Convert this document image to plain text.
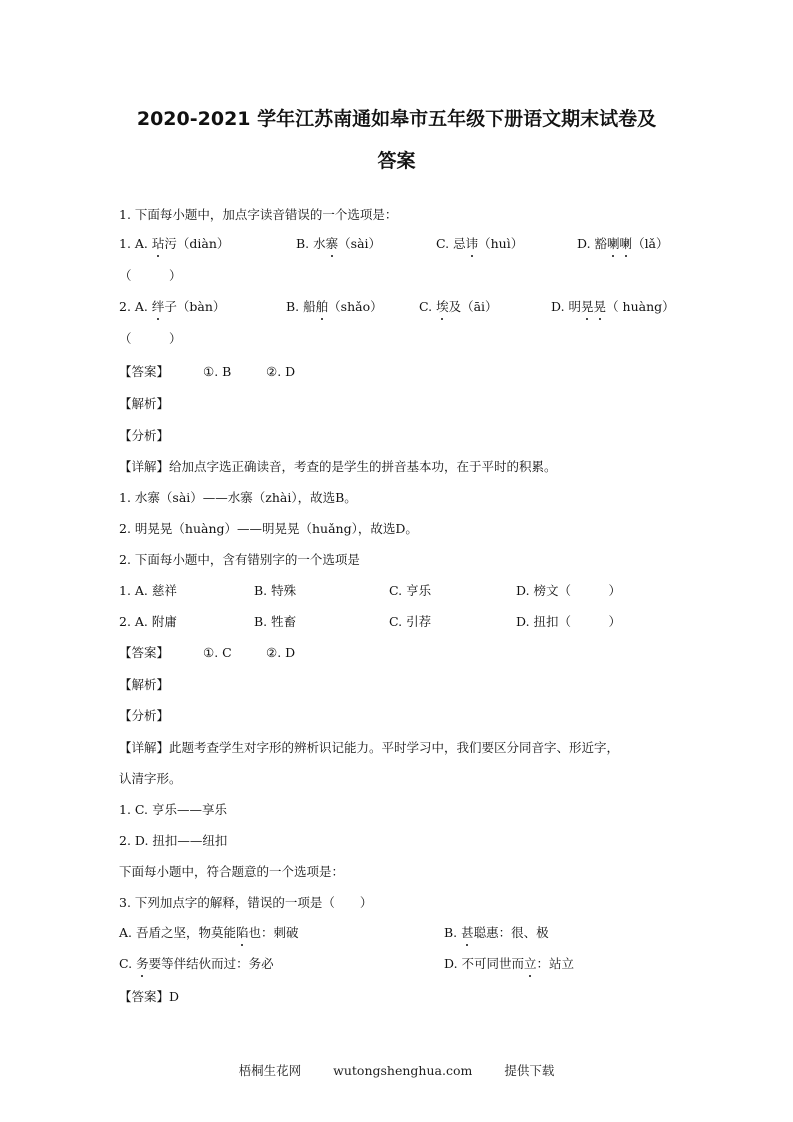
2020-2021 学年江苏南通如皋市五年级下册语文期末试卷及
答案
1. 下面每小题中，加点字读音错误的一个选项是：
1. A. 玷污（diàn）	B. 水寨（sài）	C. 忌讳（huì）	D. 豁喇喇（lǎ）
（　　　）
2. A. 绊子（bàn）	B. 船舶（shǎo）	C. 埃及（āi）	D. 明晃晃（ huàng）
（　　　）
【答案】	①. B	②. D
【解析】
【分析】
【详解】给加点字选正确读音，考查的是学生的拼音基本功，在于平时的积累。
1. 水寨（sài）——水寨（zhài），故选B。
2. 明晃晃（huàng）——明晃晃（huǎng），故选D。
2. 下面每小题中，含有错别字的一个选项是
1. A. 慈祥	B. 特殊	C. 亨乐	D. 榜文（　　　）
2. A. 附庸	B. 牲畜	C. 引荐	D. 扭扣（　　　）
【答案】	①. C	②. D
【解析】
【分析】
【详解】此题考查学生对字形的辨析识记能力。平时学习中，我们要区分同音字、形近字，
认清字形。
1. C. 亨乐——享乐
2. D. 扭扣——纽扣
下面每小题中，符合题意的一个选项是：
3. 下列加点字的解释，错误的一项是（　　）
A. 吾盾之坚，物莫能陷也：刺破	B. 甚聪惠：很、极
C. 务要等伴结伙而过：务必	D. 不可同世而立：站立
【答案】D
梧桐生花网	wutongshenghua.com	提供下载
